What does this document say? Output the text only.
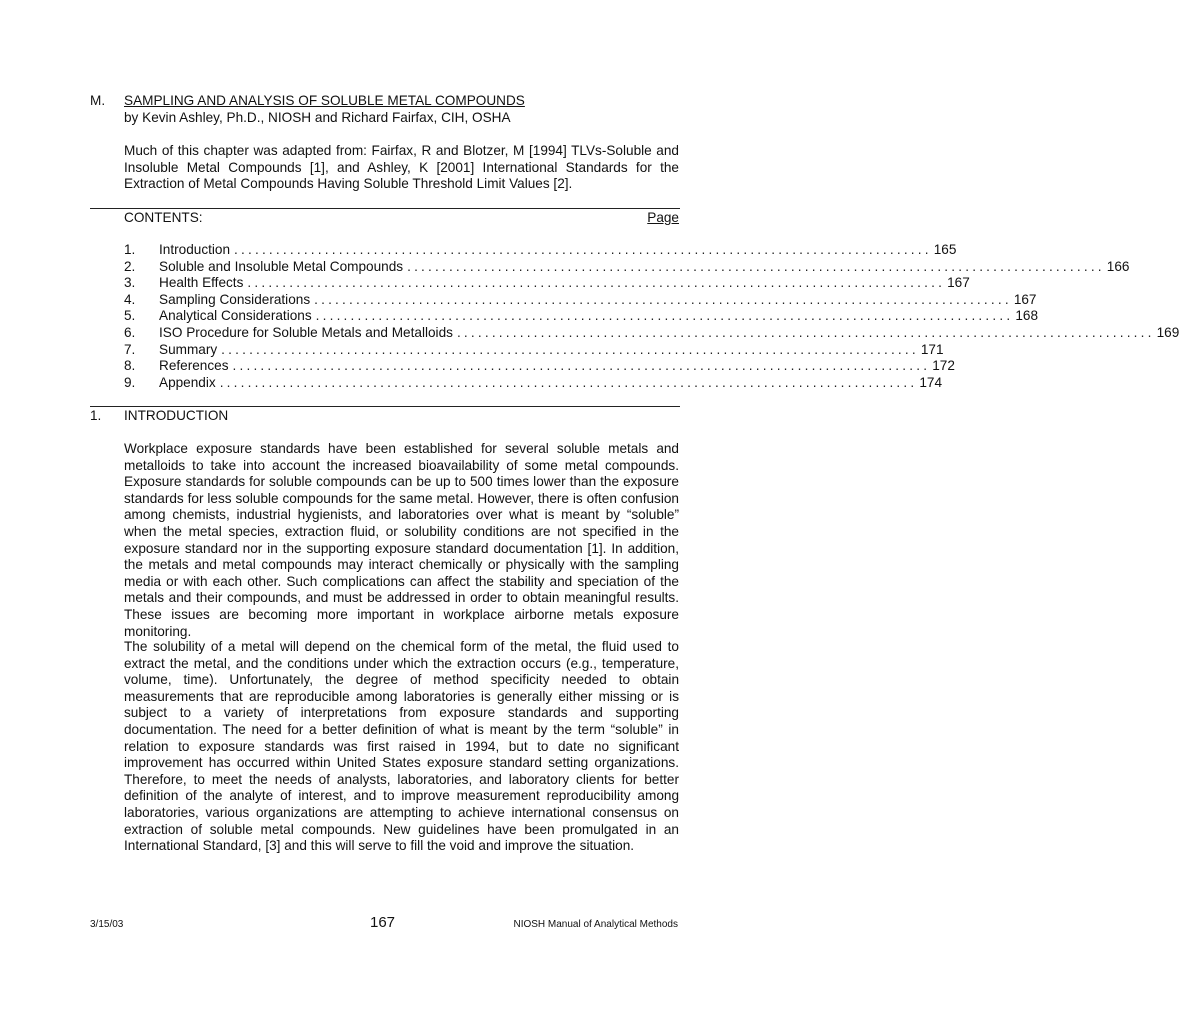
M. SAMPLING AND ANALYSIS OF SOLUBLE METAL COMPOUNDS
by Kevin Ashley, Ph.D., NIOSH and Richard Fairfax, CIH, OSHA
Much of this chapter was adapted from: Fairfax, R and Blotzer, M [1994] TLVs-Soluble and Insoluble Metal Compounds [1], and Ashley, K [2001] International Standards for the Extraction of Metal Compounds Having Soluble Threshold Limit Values [2].
CONTENTS:	Page
1.	Introduction .................................................................................................... 165
2.	Soluble and Insoluble Metal Compounds .................................................................................................... 166
3.	Health Effects .................................................................................................... 167
4.	Sampling Considerations .................................................................................................... 167
5.	Analytical Considerations .................................................................................................... 168
6.	ISO Procedure for Soluble Metals and Metalloids .................................................................................................... 169
7.	Summary .................................................................................................... 171
8.	References .................................................................................................... 172
9.	Appendix .................................................................................................... 174
1. INTRODUCTION

Workplace exposure standards have been established for several soluble metals and metalloids to take into account the increased bioavailability of some metal compounds. Exposure standards for soluble compounds can be up to 500 times lower than the exposure standards for less soluble compounds for the same metal. However, there is often confusion among chemists, industrial hygienists, and laboratories over what is meant by “soluble” when the metal species, extraction fluid, or solubility conditions are not specified in the exposure standard nor in the supporting exposure standard documentation [1]. In addition, the metals and metal compounds may interact chemically or physically with the sampling media or with each other. Such complications can affect the stability and speciation of the metals and their compounds, and must be addressed in order to obtain meaningful results. These issues are becoming more important in workplace airborne metals exposure monitoring.

The solubility of a metal will depend on the chemical form of the metal, the fluid used to extract the metal, and the conditions under which the extraction occurs (e.g., temperature, volume, time). Unfortunately, the degree of method specificity needed to obtain measurements that are reproducible among laboratories is generally either missing or is subject to a variety of interpretations from exposure standards and supporting documentation. The need for a better definition of what is meant by the term “soluble” in relation to exposure standards was first raised in 1994, but to date no significant improvement has occurred within United States exposure standard setting organizations. Therefore, to meet the needs of analysts, laboratories, and laboratory clients for better definition of the analyte of interest, and to improve measurement reproducibility among laboratories, various organizations are attempting to achieve international consensus on extraction of soluble metal compounds. New guidelines have been promulgated in an International Standard, [3] and this will serve to fill the void and improve the situation.

3/15/03	167	NIOSH Manual of Analytical Methods
